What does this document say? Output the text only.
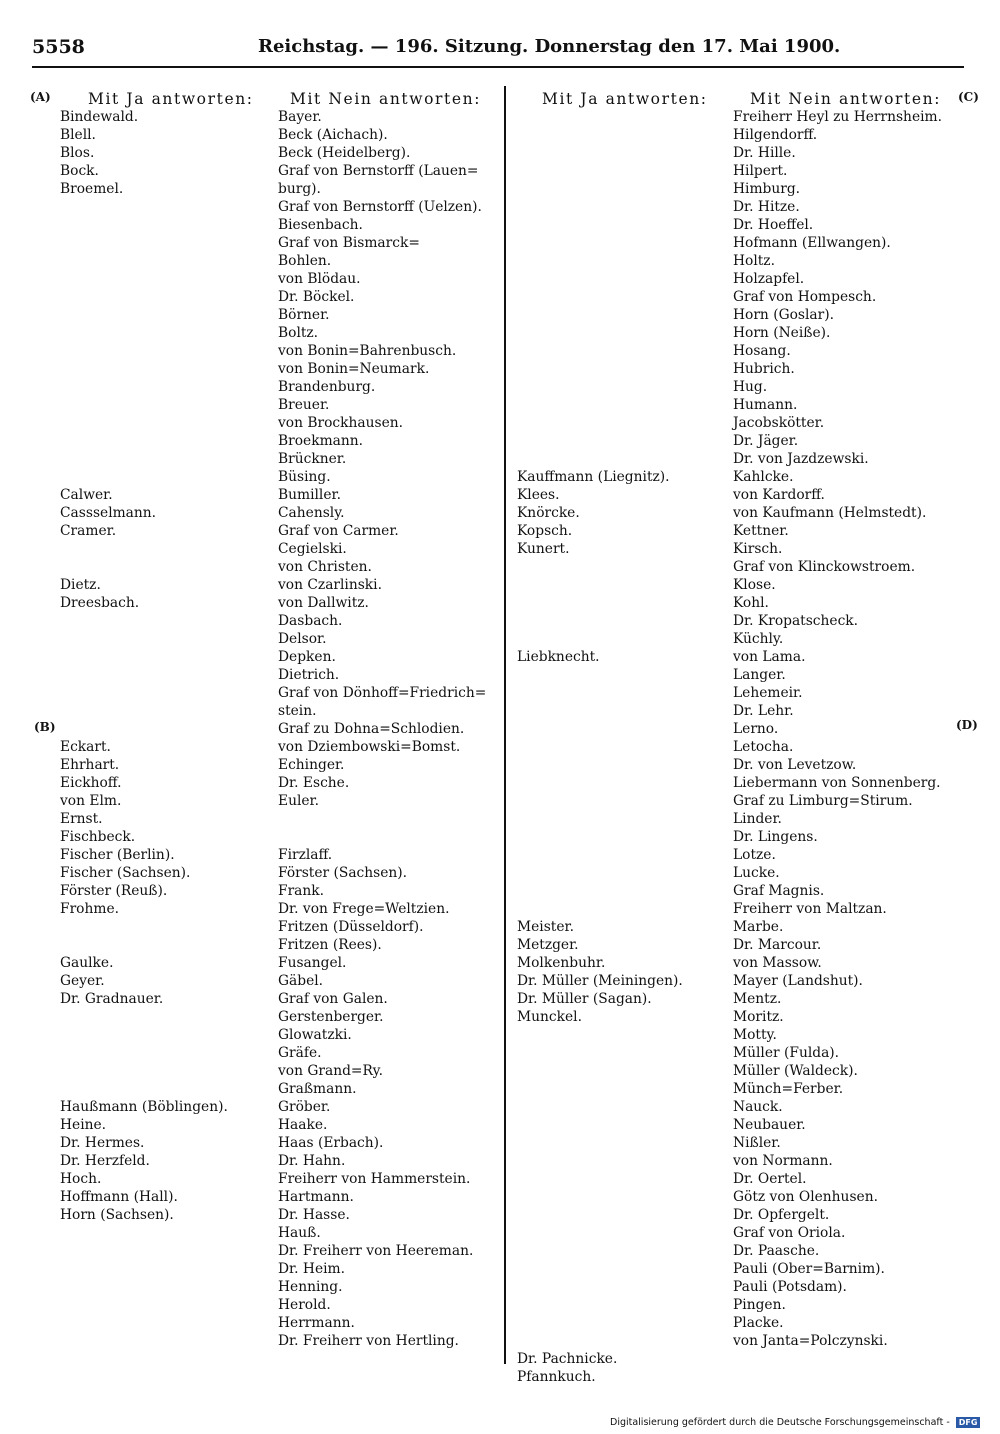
5558	Reichstag. — 196. Sitzung. Donnerstag den 17. Mai 1900.
(A)
(B)
(C)
(D)
Mit Ja antworten: Mit Nein antworten:
Bindewald.
Blell.
Blos.
Bock.
Broemel.
Calwer.
Cassselmann.
Cramer.
Dietz.
Dreesbach.
Eckart.
Ehrhart.
Eickhoff.
von Elm.
Ernst.
Fischbeck.
Fischer (Berlin).
Fischer (Sachsen).
Förster (Reuß).
Frohme.
Gaulke.
Geyer.
Dr. Gradnauer.
Haußmann (Böblingen).
Heine.
Dr. Hermes.
Dr. Herzfeld.
Hoch.
Hoffmann (Hall).
Horn (Sachsen).
Bayer.
Beck (Aichach).
Beck (Heidelberg).
Graf von Bernstorff (Lauen=
burg).
Graf von Bernstorff (Uelzen).
Biesenbach.
Graf von Bismarck=
Bohlen.
von Blödau.
Dr. Böckel.
Börner.
Boltz.
von Bonin=Bahrenbusch.
von Bonin=Neumark.
Brandenburg.
Breuer.
von Brockhausen.
Broekmann.
Brückner.
Büsing.
Bumiller.
Cahensly.
Graf von Carmer.
Cegielski.
von Christen.
von Czarlinski.
von Dallwitz.
Dasbach.
Delsor.
Depken.
Dietrich.
Graf von Dönhoff=Friedrich=
stein.
Graf zu Dohna=Schlodien.
von Dziembowski=Bomst.
Echinger.
Dr. Esche.
Euler.
Firzlaff.
Förster (Sachsen).
Frank.
Dr. von Frege=Weltzien.
Fritzen (Düsseldorf).
Fritzen (Rees).
Fusangel.
Gäbel.
Graf von Galen.
Gerstenberger.
Glowatzki.
Gräfe.
von Grand=Ry.
Graßmann.
Gröber.
Haake.
Haas (Erbach).
Dr. Hahn.
Freiherr von Hammerstein.
Hartmann.
Dr. Hasse.
Hauß.
Dr. Freiherr von Heereman.
Dr. Heim.
Henning.
Herold.
Herrmann.
Dr. Freiherr von Hertling.
Mit Ja antworten:	Mit Nein antworten:
Kauffmann (Liegnitz).
Klees.
Knörcke.
Kopsch.
Kunert.
Liebknecht.
Meister.
Metzger.
Molkenbuhr.
Dr. Müller (Meiningen).
Dr. Müller (Sagan).
Munckel.
Dr. Pachnicke.
Pfannkuch.
Freiherr Heyl zu Herrnsheim.
Hilgendorff.
Dr. Hille.
Hilpert.
Himburg.
Dr. Hitze.
Dr. Hoeffel.
Hofmann (Ellwangen).
Holtz.
Holzapfel.
Graf von Hompesch.
Horn (Goslar).
Horn (Neiße).
Hosang.
Hubrich.
Hug.
Humann.
Jacobskötter.
Dr. Jäger.
Dr. von Jazdzewski.
Kahlcke.
von Kardorff.
von Kaufmann (Helmstedt).
Kettner.
Kirsch.
Graf von Klinckowstroem.
Klose.
Kohl.
Dr. Kropatscheck.
Küchly.
von Lama.
Langer.
Lehemeir.
Dr. Lehr.
Lerno.
Letocha.
Dr. von Levetzow.
Liebermann von Sonnenberg.
Graf zu Limburg=Stirum.
Linder.
Dr. Lingens.
Lotze.
Lucke.
Graf Magnis.
Freiherr von Maltzan.
Marbe.
Dr. Marcour.
von Massow.
Mayer (Landshut).
Mentz.
Moritz.
Motty.
Müller (Fulda).
Müller (Waldeck).
Münch=Ferber.
Nauck.
Neubauer.
Nißler.
von Normann.
Dr. Oertel.
Götz von Olenhusen.
Dr. Opfergelt.
Graf von Oriola.
Dr. Paasche.
Pauli (Ober=Barnim).
Pauli (Potsdam).
Pingen.
Placke.
von Janta=Polczynski.
Digitalisierung gefördert durch die Deutsche Forschungsgemeinschaft - DFG
